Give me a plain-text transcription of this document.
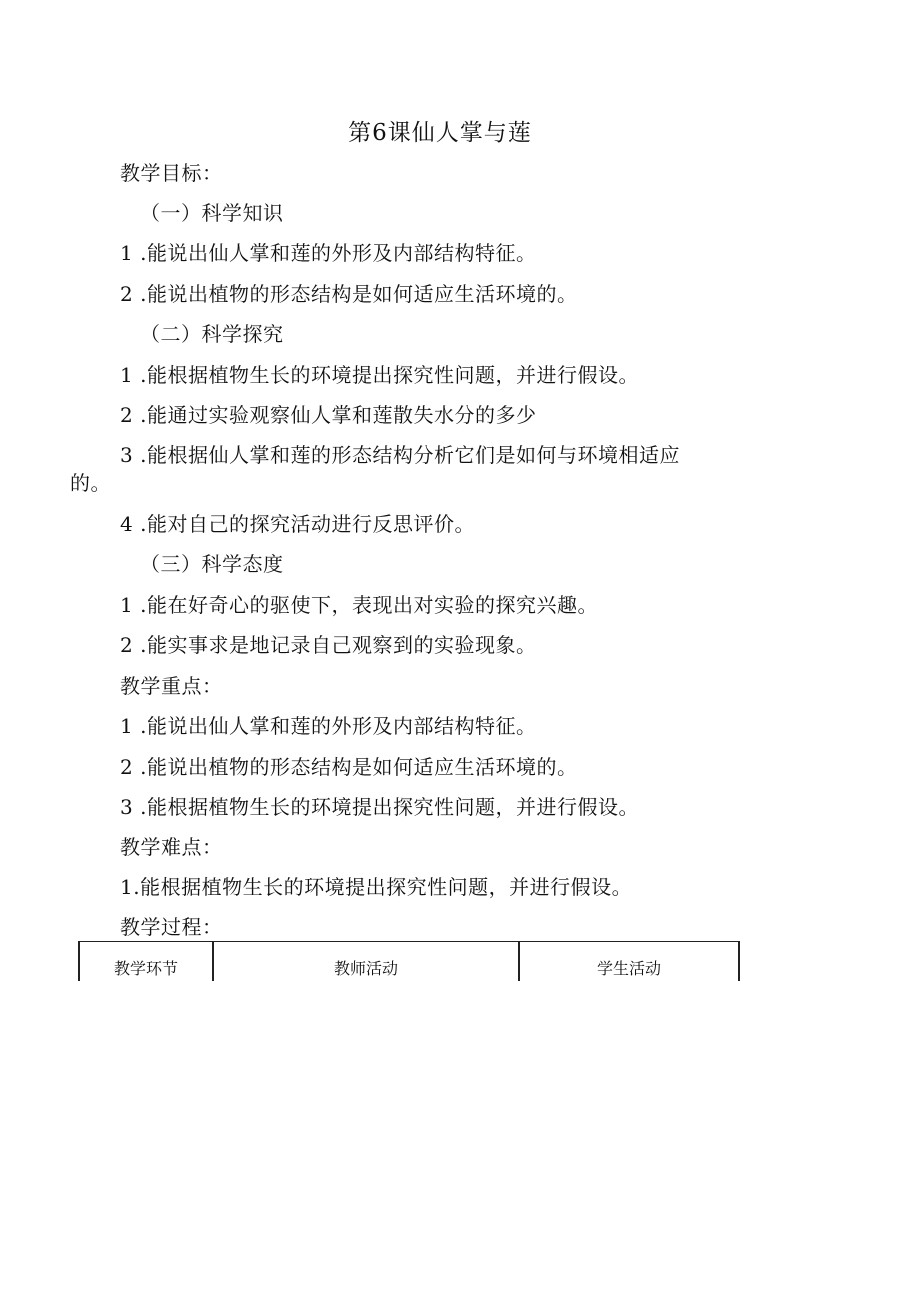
第6课仙人掌与莲
教学目标：
（一）科学知识
1 .能说出仙人掌和莲的外形及内部结构特征。
2 .能说出植物的形态结构是如何适应生活环境的。
（二）科学探究
1 .能根据植物生长的环境提出探究性问题，并进行假设。
2 .能通过实验观察仙人掌和莲散失水分的多少
3 .能根据仙人掌和莲的形态结构分析它们是如何与环境相适应
的。
4 .能对自己的探究活动进行反思评价。
（三）科学态度
1 .能在好奇心的驱使下，表现出对实验的探究兴趣。
2 .能实事求是地记录自己观察到的实验现象。
教学重点：
1 .能说出仙人掌和莲的外形及内部结构特征。
2 .能说出植物的形态结构是如何适应生活环境的。
3 .能根据植物生长的环境提出探究性问题，并进行假设。
教学难点：
1.能根据植物生长的环境提出探究性问题，并进行假设。
教学过程：
教学环节	教师活动	学生活动
